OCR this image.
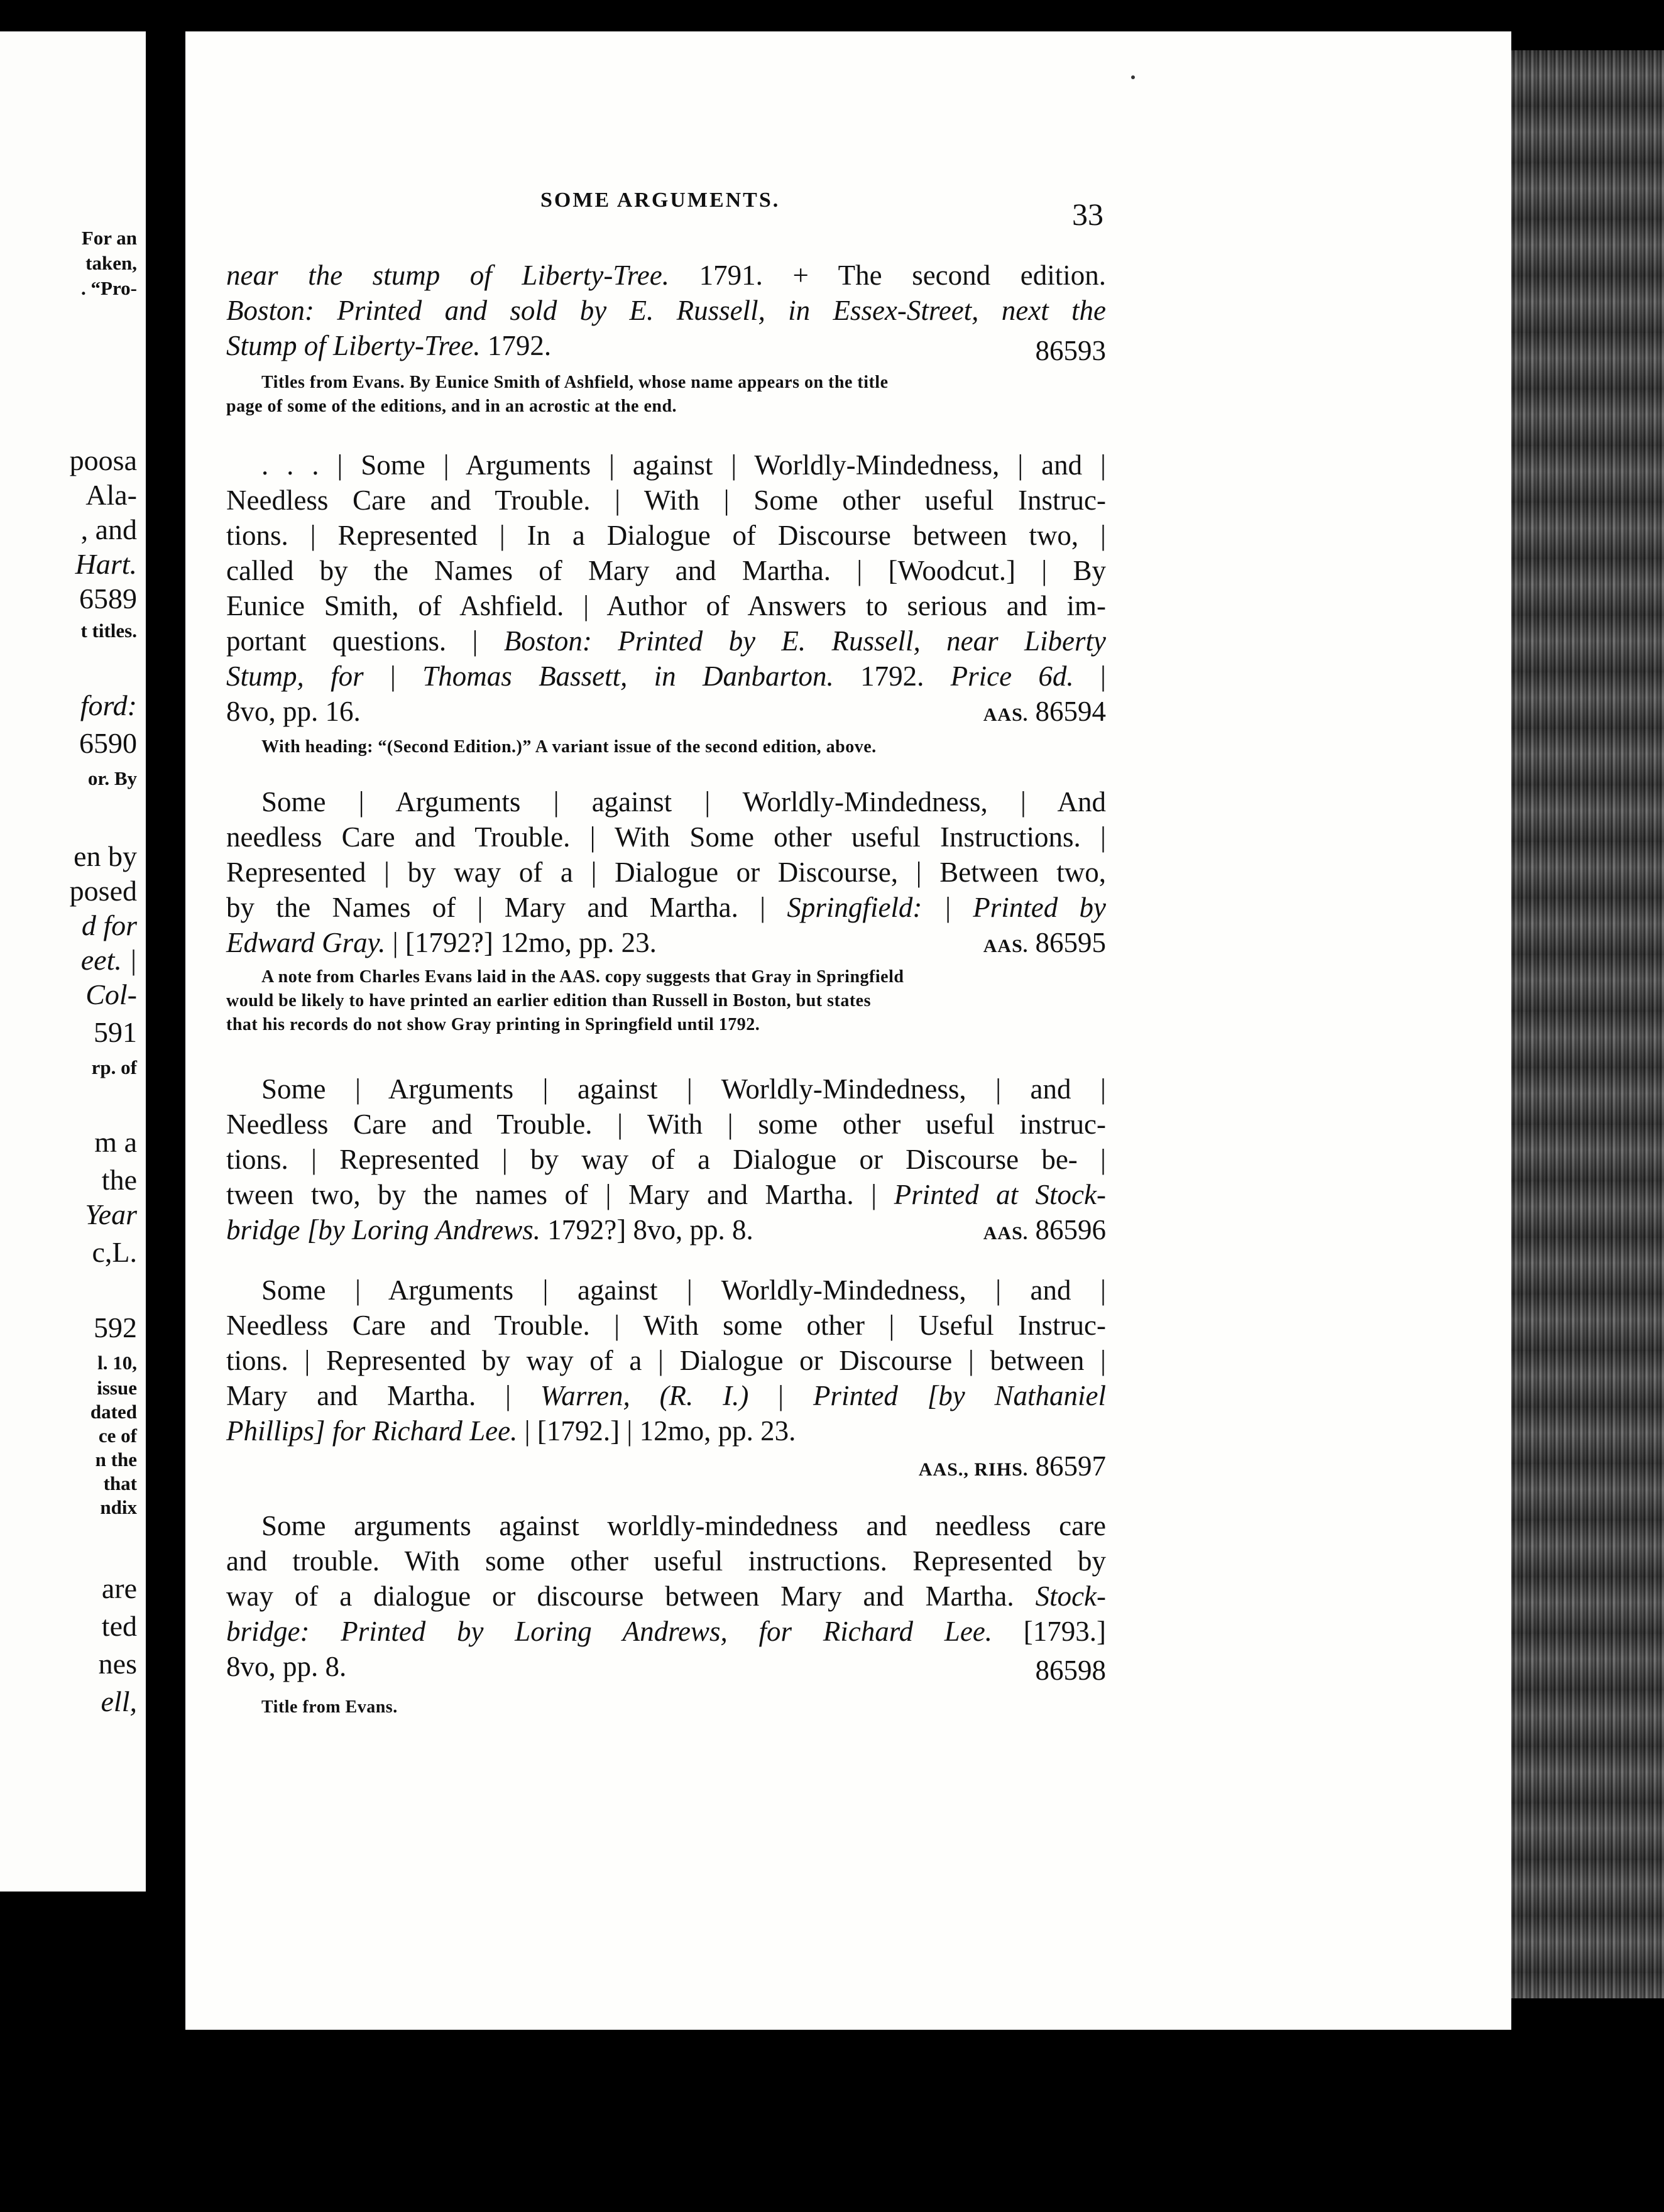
For an
taken,
. “Pro-
poosa
Ala-
, and
Hart.
6589
t titles.
ford:
6590
or. By
en by
posed
d for
eet. |
Col-
591
rp. of
m a
the
Year
c,L.
592
l. 10,
issue
dated
ce of
n the
that
ndix
are
ted
nes
ell,
SOME ARGUMENTS.	33
near the stump of Liberty-Tree. 1791. + The second edition.
Boston: Printed and sold by E. Russell, in Essex-Street, next the
Stump of Liberty-Tree. 1792.	86593
Titles from Evans. By Eunice Smith of Ashfield, whose name appears on the title
page of some of the editions, and in an acrostic at the end.
. . . | Some | Arguments | against | Worldly-Mindedness, | and |
Needless Care and Trouble. | With | Some other useful Instruc-
tions. | Represented | In a Dialogue of Discourse between two, |
called by the Names of Mary and Martha. | [Woodcut.] | By
Eunice Smith, of Ashfield. | Author of Answers to serious and im-
portant questions. | Boston: Printed by E. Russell, near Liberty
Stump, for | Thomas Bassett, in Danbarton. 1792. Price 6d. |
8vo, pp. 16.	AAS. 86594
With heading: “(Second Edition.)” A variant issue of the second edition, above.
Some | Arguments | against | Worldly-Mindedness, | And
needless Care and Trouble. | With Some other useful Instructions. |
Represented | by way of a | Dialogue or Discourse, | Between two,
by the Names of | Mary and Martha. | Springfield: | Printed by
Edward Gray. | [1792?] 12mo, pp. 23.	AAS. 86595
A note from Charles Evans laid in the AAS. copy suggests that Gray in Springfield
would be likely to have printed an earlier edition than Russell in Boston, but states
that his records do not show Gray printing in Springfield until 1792.
Some | Arguments | against | Worldly-Mindedness, | and |
Needless Care and Trouble. | With | some other useful instruc-
tions. | Represented | by way of a Dialogue or Discourse be- |
tween two, by the names of | Mary and Martha. | Printed at Stock-
bridge [by Loring Andrews. 1792?] 8vo, pp. 8.	AAS. 86596
Some | Arguments | against | Worldly-Mindedness, | and |
Needless Care and Trouble. | With some other | Useful Instruc-
tions. | Represented by way of a | Dialogue or Discourse | between |
Mary and Martha. | Warren, (R. I.) | Printed [by Nathaniel
Phillips] for Richard Lee. | [1792.] | 12mo, pp. 23.
AAS., RIHS. 86597
Some arguments against worldly-mindedness and needless care
and trouble. With some other useful instructions. Represented by
way of a dialogue or discourse between Mary and Martha. Stock-
bridge: Printed by Loring Andrews, for Richard Lee. [1793.]
8vo, pp. 8.	86598
Title from Evans.
